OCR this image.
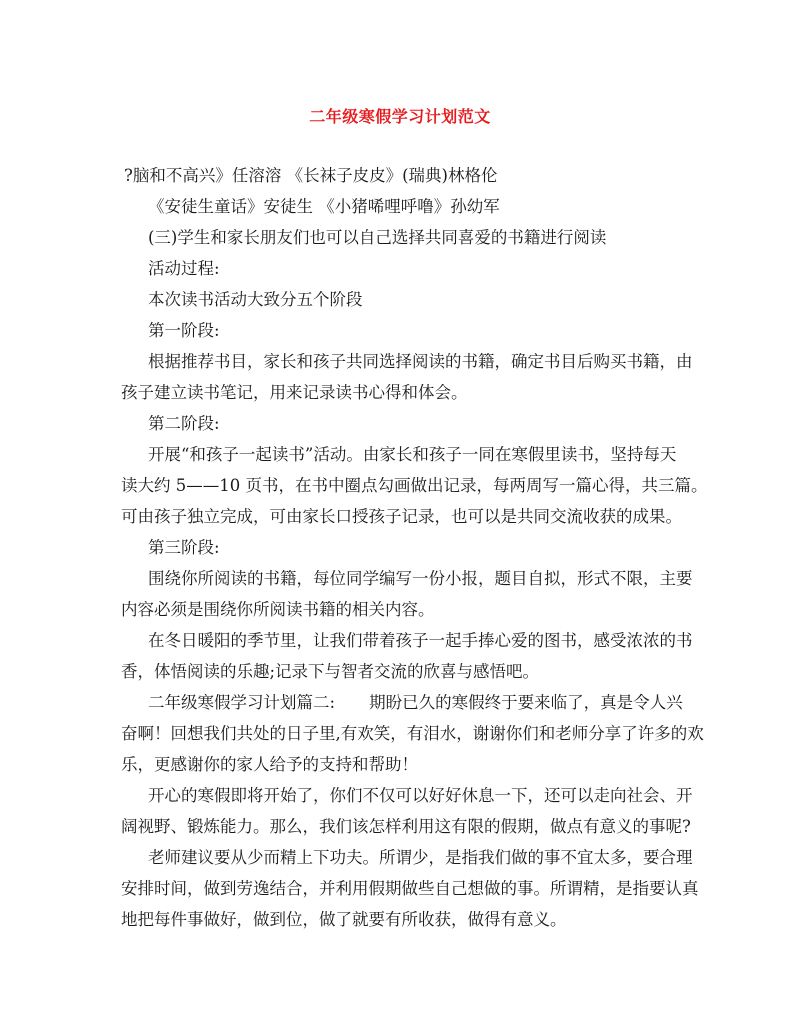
二年级寒假学习计划范文
?脑和不高兴》任溶溶 《长袜子皮皮》(瑞典)林格伦
《安徒生童话》安徒生 《小猪唏哩呼噜》孙幼军
(三)学生和家长朋友们也可以自己选择共同喜爱的书籍进行阅读
活动过程:
本次读书活动大致分五个阶段
第一阶段:
根据推荐书目，家长和孩子共同选择阅读的书籍，确定书目后购买书籍，由
孩子建立读书笔记，用来记录读书心得和体会。
第二阶段:
开展“和孩子一起读书”活动。由家长和孩子一同在寒假里读书，坚持每天
读大约 5——10 页书，在书中圈点勾画做出记录，每两周写一篇心得，共三篇。
可由孩子独立完成，可由家长口授孩子记录，也可以是共同交流收获的成果。
第三阶段:
围绕你所阅读的书籍，每位同学编写一份小报，题目自拟，形式不限，主要
内容必须是围绕你所阅读书籍的相关内容。
在冬日暖阳的季节里，让我们带着孩子一起手捧心爱的图书，感受浓浓的书
香，体悟阅读的乐趣;记录下与智者交流的欣喜与感悟吧。
二年级寒假学习计划篇二: 期盼已久的寒假终于要来临了，真是令人兴
奋啊！回想我们共处的日子里,有欢笑，有泪水，谢谢你们和老师分享了许多的欢
乐，更感谢你的家人给予的支持和帮助！
开心的寒假即将开始了，你们不仅可以好好休息一下，还可以走向社会、开
阔视野、锻炼能力。那么，我们该怎样利用这有限的假期，做点有意义的事呢?
老师建议要从少而精上下功夫。所谓少，是指我们做的事不宜太多，要合理
安排时间，做到劳逸结合，并利用假期做些自己想做的事。所谓精，是指要认真
地把每件事做好，做到位，做了就要有所收获，做得有意义。
